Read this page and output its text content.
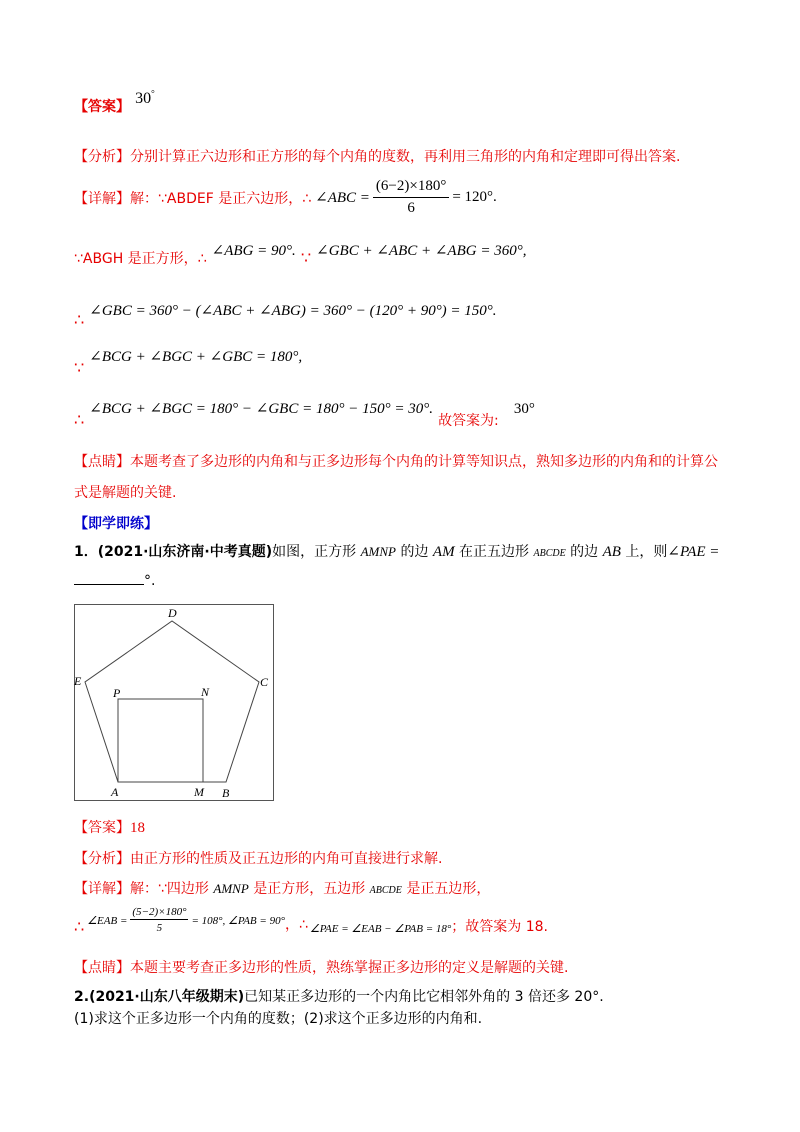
【答案】 30°
【分析】分别计算正六边形和正方形的每个内角的度数，再利用三角形的内角和定理即可得出答案.
【详解】 解：∵ABDEF 是正六边形，∴ ∠ABC = $\frac{(6-2)\times 180^\circ}{6} = 120^\circ$.
∵ABGH 是正方形，∴ ∠ABG = 90°. ∵ ∠GBC + ∠ABC + ∠ABG = 360°,
∴ ∠GBC = 360° − (∠ABC + ∠ABG) = 360° − (120° + 90°) = 150°.
∵ ∠BCG + ∠BGC + ∠GBC = 180°,
∴ ∠BCG + ∠BGC = 180° − ∠GBC = 180° − 150° = 30°. 故答案为: 30°
【点睛】本题考查了多边形的内角和与正多边形每个内角的计算等知识点，熟知多边形的内角和的计算公
式是解题的关键.
【即学即练】
1．(2021·山东济南·中考真题)如图，正方形 AMNP 的边 AM 在正五边形 ABCDE 的边 AB 上，则∠PAE =
°.
D
E	C
P	N
A	M B
【答案】18
【分析】由正方形的性质及正五边形的内角可直接进行求解.
【详解】解：∵四边形 AMNP 是正方形，五边形 ABCDE 是正五边形，
∴ ∠EAB = $\frac{(5-2)\times 180^\circ}{5} = 108^\circ$, ∠PAB = 90° ，∴ ∠PAE = ∠EAB − ∠PAB = 18° ；故答案为 18.
【点睛】本题主要考查正多边形的性质，熟练掌握正多边形的定义是解题的关键.
2.(2021·山东八年级期末)已知某正多边形的一个内角比它相邻外角的 3 倍还多 20°.
(1)求这个正多边形一个内角的度数；(2)求这个正多边形的内角和.
